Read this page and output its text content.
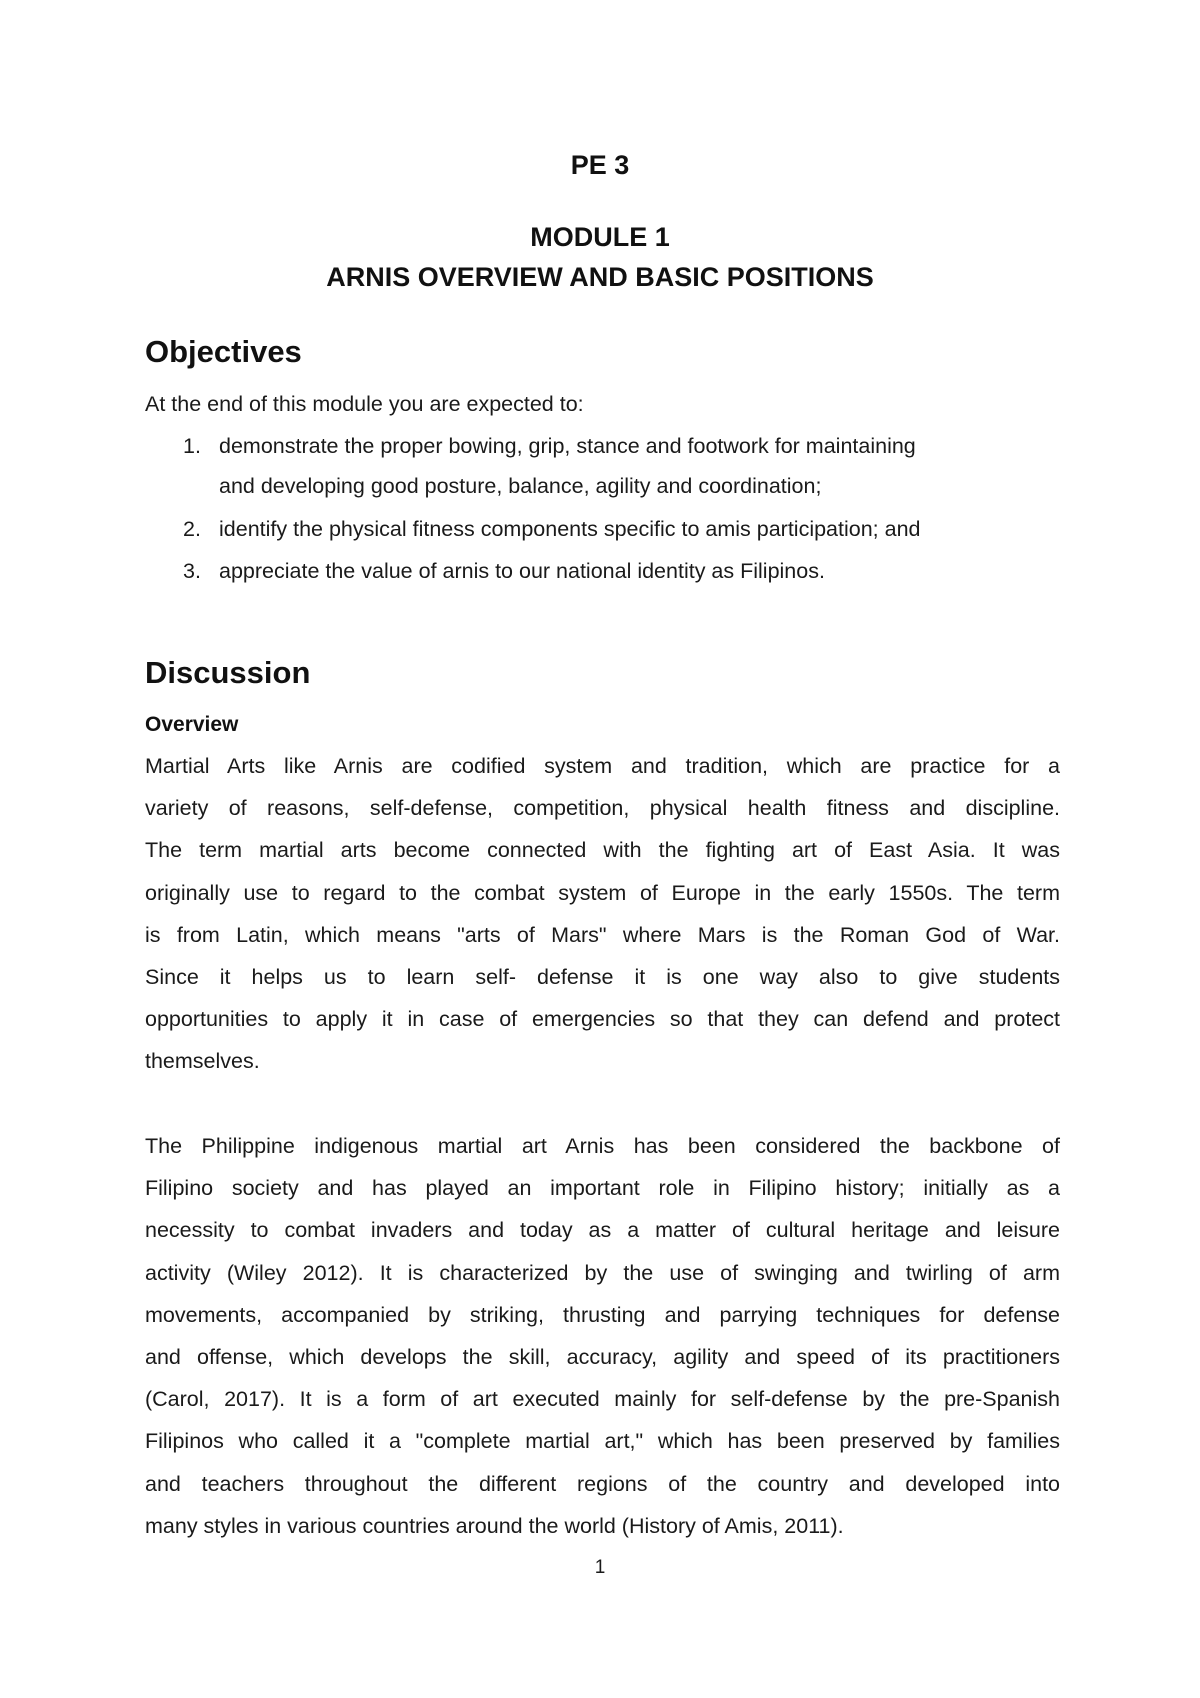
PE 3
MODULE 1
ARNIS OVERVIEW AND BASIC POSITIONS
Objectives
At the end of this module you are expected to:
1. demonstrate the proper bowing, grip, stance and footwork for maintaining
and developing good posture, balance, agility and coordination;
2. identify the physical fitness components specific to amis participation; and
3. appreciate the value of arnis to our national identity as Filipinos.
Discussion
Overview
Martial Arts like Arnis are codified system and tradition, which are practice for a
variety of reasons, self-defense, competition, physical health fitness and discipline.
The term martial arts become connected with the fighting art of East Asia. It was
originally use to regard to the combat system of Europe in the early 1550s. The term
is from Latin, which means "arts of Mars" where Mars is the Roman God of War.
Since it helps us to learn self- defense it is one way also to give students
opportunities to apply it in case of emergencies so that they can defend and protect
themselves.
The Philippine indigenous martial art Arnis has been considered the backbone of
Filipino society and has played an important role in Filipino history; initially as a
necessity to combat invaders and today as a matter of cultural heritage and leisure
activity (Wiley 2012). It is characterized by the use of swinging and twirling of arm
movements, accompanied by striking, thrusting and parrying techniques for defense
and offense, which develops the skill, accuracy, agility and speed of its practitioners
(Carol, 2017). It is a form of art executed mainly for self-defense by the pre-Spanish
Filipinos who called it a "complete martial art," which has been preserved by families
and teachers throughout the different regions of the country and developed into
many styles in various countries around the world (History of Amis, 2011).
1
